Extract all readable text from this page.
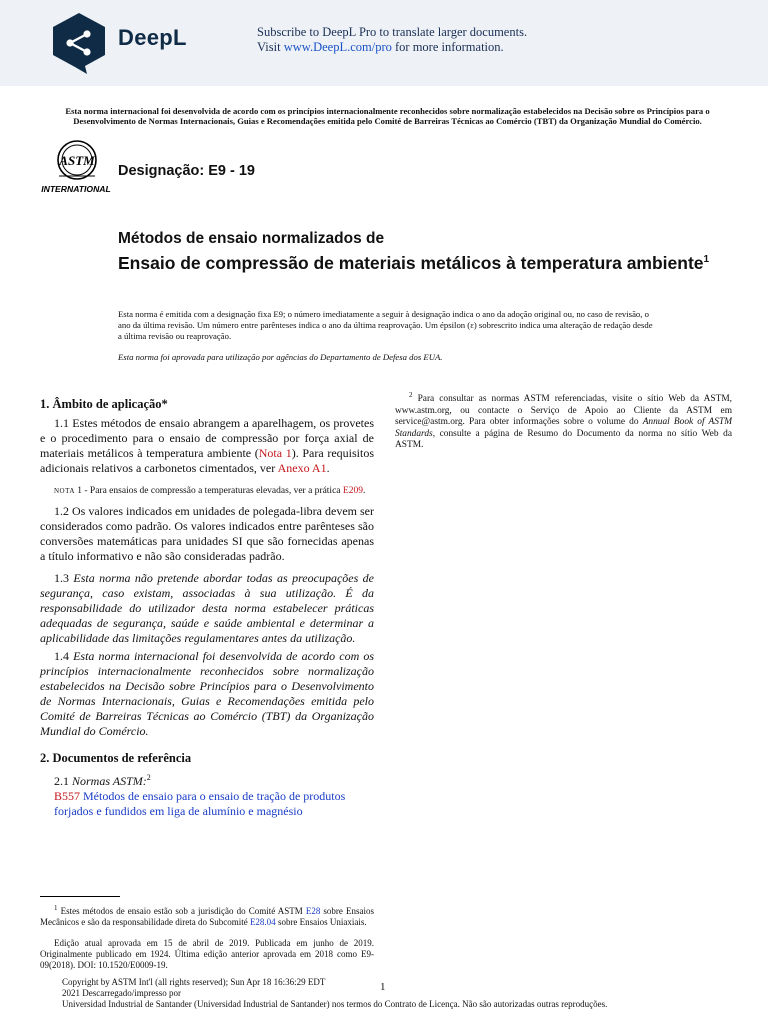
DeepL	Subscribe to DeepL Pro to translate larger documents.
Visit www.DeepL.com/pro for more information.
Esta norma internacional foi desenvolvida de acordo com os princípios internacionalmente reconhecidos sobre normalização estabelecidos na Decisão sobre os Princípios para o Desenvolvimento de Normas Internacionais, Guias e Recomendações emitida pelo Comité de Barreiras Técnicas ao Comércio (TBT) da Organização Mundial do Comércio.
ASTM
INTERNATIONAL
Designação: E9 - 19
Métodos de ensaio normalizados de
Ensaio de compressão de materiais metálicos à temperatura ambiente$^1$
Esta norma é emitida com a designação fixa E9; o número imediatamente a seguir à designação indica o ano da adoção original ou, no caso de revisão, o ano da última revisão. Um número entre parênteses indica o ano da última reaprovação. Um épsilon (ε) sobrescrito indica uma alteração de redação desde a última revisão ou reaprovação.
Esta norma foi aprovada para utilização por agências do Departamento de Defesa dos EUA.
1. Âmbito de aplicação*
1.1 Estes métodos de ensaio abrangem a aparelhagem, os provetes e o procedimento para o ensaio de compressão por força axial de materiais metálicos à temperatura ambiente (Nota 1). Para requisitos adicionais relativos a carbonetos cimentados, ver Anexo A1.
NOTA 1 - Para ensaios de compressão a temperaturas elevadas, ver a prática E209.
1.2 Os valores indicados em unidades de polegada-libra devem ser considerados como padrão. Os valores indicados entre parênteses são conversões matemáticas para unidades SI que são fornecidas apenas a título informativo e não são consideradas padrão.
1.3 Esta norma não pretende abordar todas as preocupações de segurança, caso existam, associadas à sua utilização. É da responsabilidade do utilizador desta norma estabelecer práticas adequadas de segurança, saúde e saúde ambiental e determinar a aplicabilidade das limitações regulamentares antes da utilização.
1.4 Esta norma internacional foi desenvolvida de acordo com os princípios internacionalmente reconhecidos sobre normalização estabelecidos na Decisão sobre Princípios para o Desenvolvimento de Normas Internacionais, Guias e Recomendações emitida pelo Comité de Barreiras Técnicas ao Comércio (TBT) da Organização Mundial do Comércio.
2. Documentos de referência
2.1 Normas ASTM:$^2$
B557 Métodos de ensaio para o ensaio de tração de produtos forjados e fundidos em liga de alumínio e magnésio
$^2$ Para consultar as normas ASTM referenciadas, visite o sítio Web da ASTM, www.astm.org, ou contacte o Serviço de Apoio ao Cliente da ASTM em service@astm.org. Para obter informações sobre o volume do Annual Book of ASTM Standards, consulte a página de Resumo do Documento da norma no sítio Web da ASTM.
$^1$ Estes métodos de ensaio estão sob a jurisdição do Comité ASTM E28 sobre Ensaios Mecânicos e são da responsabilidade direta do Subcomité E28.04 sobre Ensaios Uniaxiais.
Edição atual aprovada em 15 de abril de 2019. Publicada em junho de 2019. Originalmente publicado em 1924. Última edição anterior aprovada em 2018 como E9-09(2018). DOI: 10.1520/E0009-19.
Copyright by ASTM Int'l (all rights reserved); Sun Apr 18 16:36:29 EDT 2021 Descarregado/impresso por
Universidad Industrial de Santander (Universidad Industrial de Santander) nos termos do Contrato de Licença. Não são autorizadas outras reproduções.
1
